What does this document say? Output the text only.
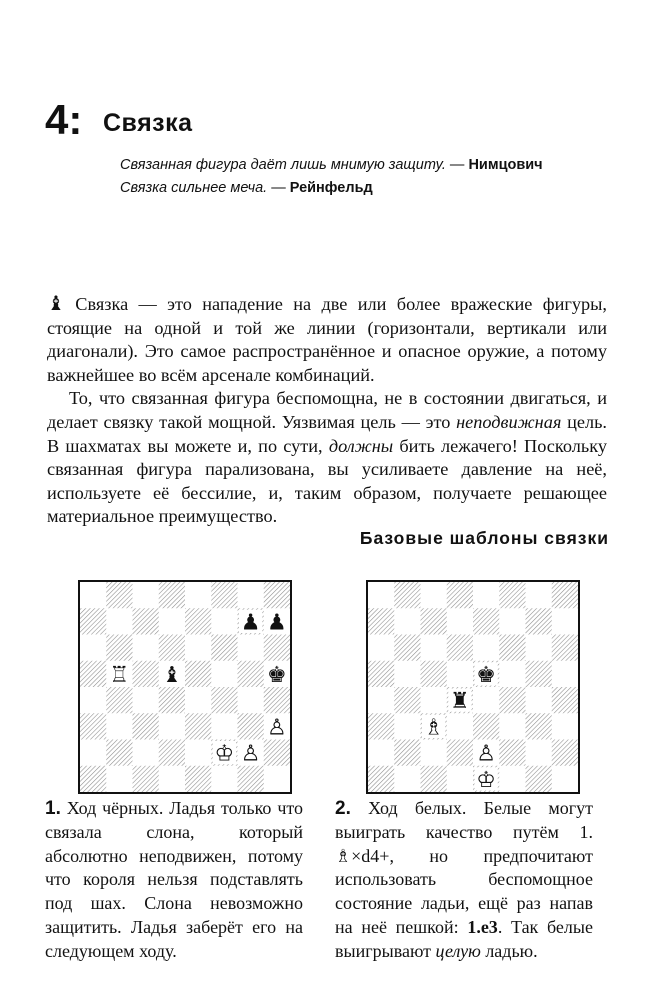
4: Связка
Связанная фигура даёт лишь мнимую защиту. — Нимцович
Связка сильнее меча. — Рейнфельд

♝ Связка — это нападение на две или более вражеские фигуры, стоящие на одной и той же линии (горизонтали, вертикали или диагонали). Это самое распространённое и опасное оружие, а потому важнейшее во всём арсенале комбинаций.

То, что связанная фигура беспомощна, не в состоянии двигаться, и делает связку такой мощной. Уязвимая цель — это неподвижная цель. В шахматах вы можете и, по сути, должны бить лежачего! Поскольку связанная фигура парализована, вы усиливаете давление на неё, используете её бессилие, и, таким образом, получаете решающее материальное преимущество.

Базовые шаблоны связки
♟ ♟
♖ ♝	♚
♙
♔ ♙
♚
♜
♗
♙
♔
1. Ход чёрных. Ладья только что связала слона, который абсолютно неподвижен, потому что короля нельзя подставлять под шах. Слона невозможно защитить. Ладья заберёт его на следующем ходу.
2. Ход белых. Белые могут выиграть качество путём 1. ♗×d4+, но предпочитают использовать беспомощное состояние ладьи, ещё раз напав на неё пешкой: 1.e3. Так белые выигрывают целую ладью.
